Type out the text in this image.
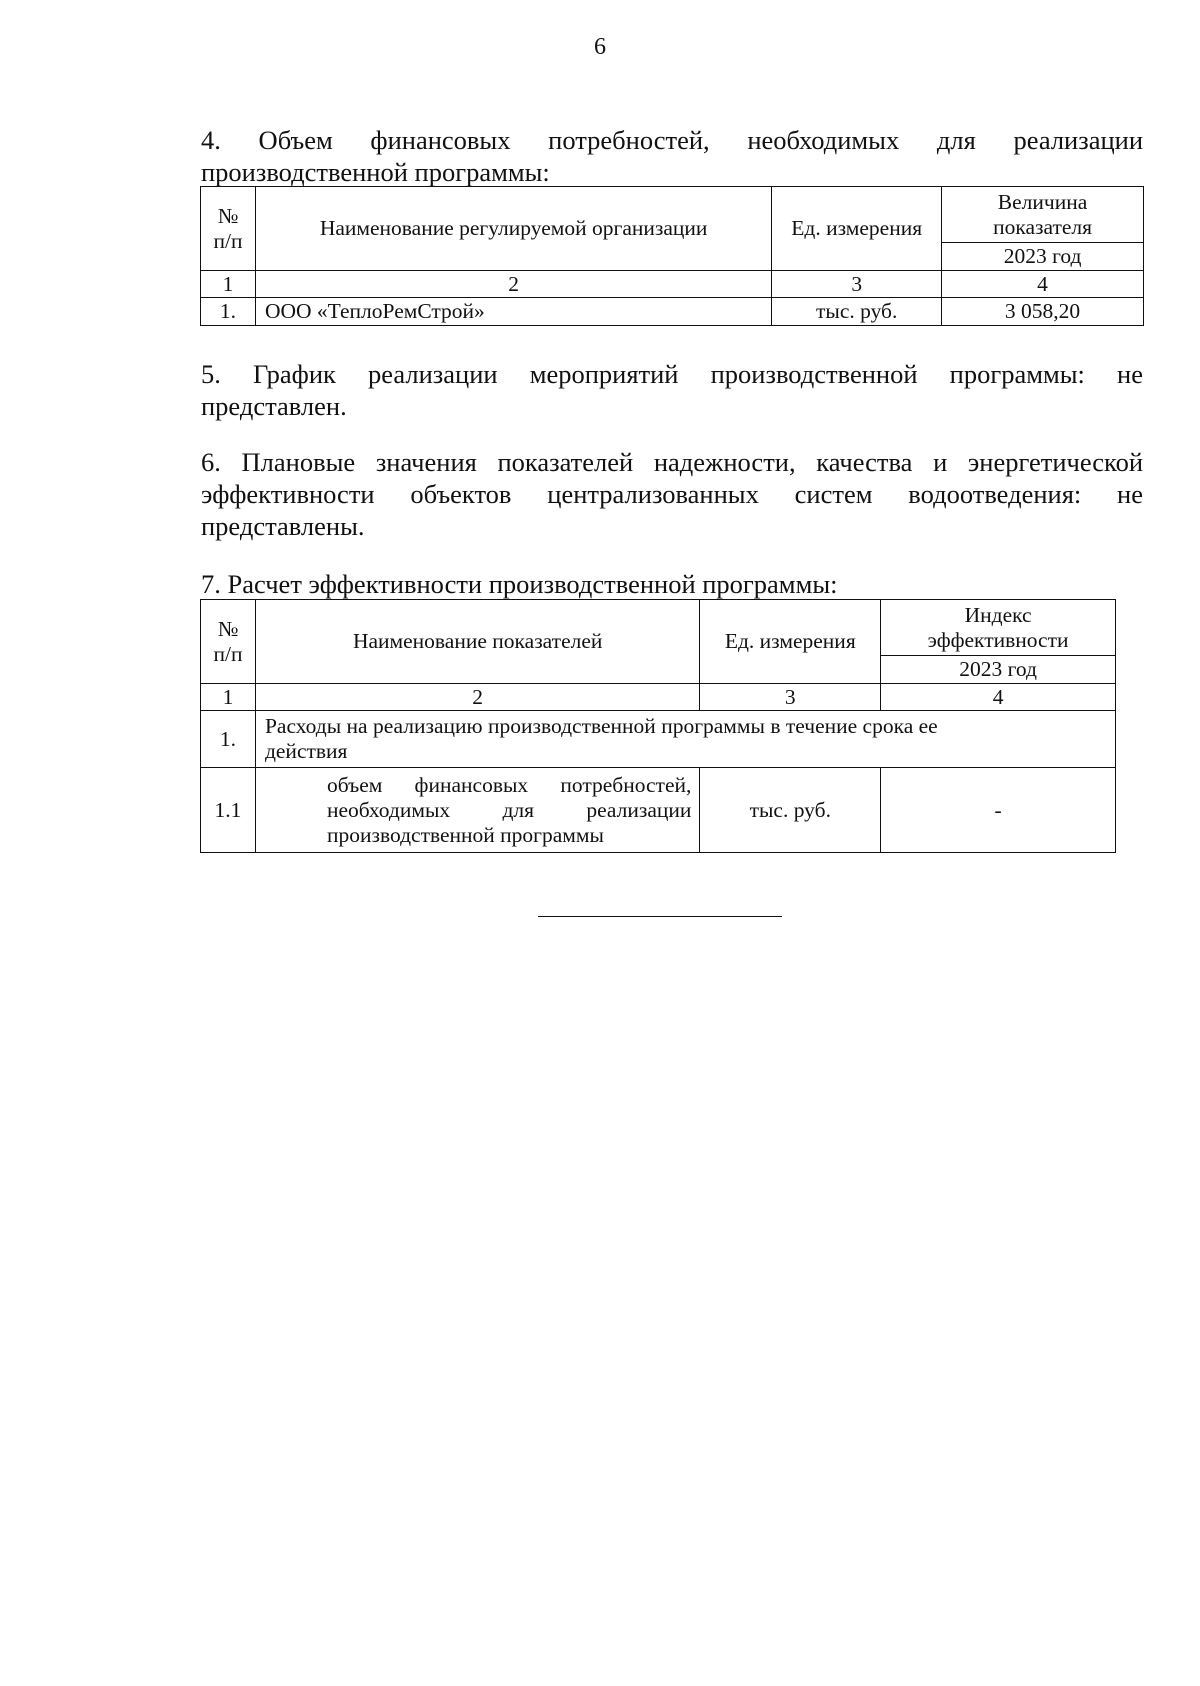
6
4. Объем финансовых потребностей, необходимых для реализации
производственной программы:
№ п/п	Наименование регулируемой организации	Ед. измерения	Величина показателя

			2023 год
1	2	3	4
1.	ООО «ТеплоРемСтрой»	тыс. руб.	3 058,20
5. График реализации мероприятий производственной программы: не
представлен.
6. Плановые значения показателей надежности, качества и энергетической
эффективности объектов централизованных систем водоотведения: не
представлены.
7. Расчет эффективности производственной программы:
№ п/п	Наименование показателей	Ед. измерения	Индекс эффективности

			2023 год
1	2	3	4
1.	Расходы на реализацию производственной программы в течение срока ее действия		
1.1	объем финансовых потребностей,
необходимых для реализации
производственной программы	тыс. руб.	-
